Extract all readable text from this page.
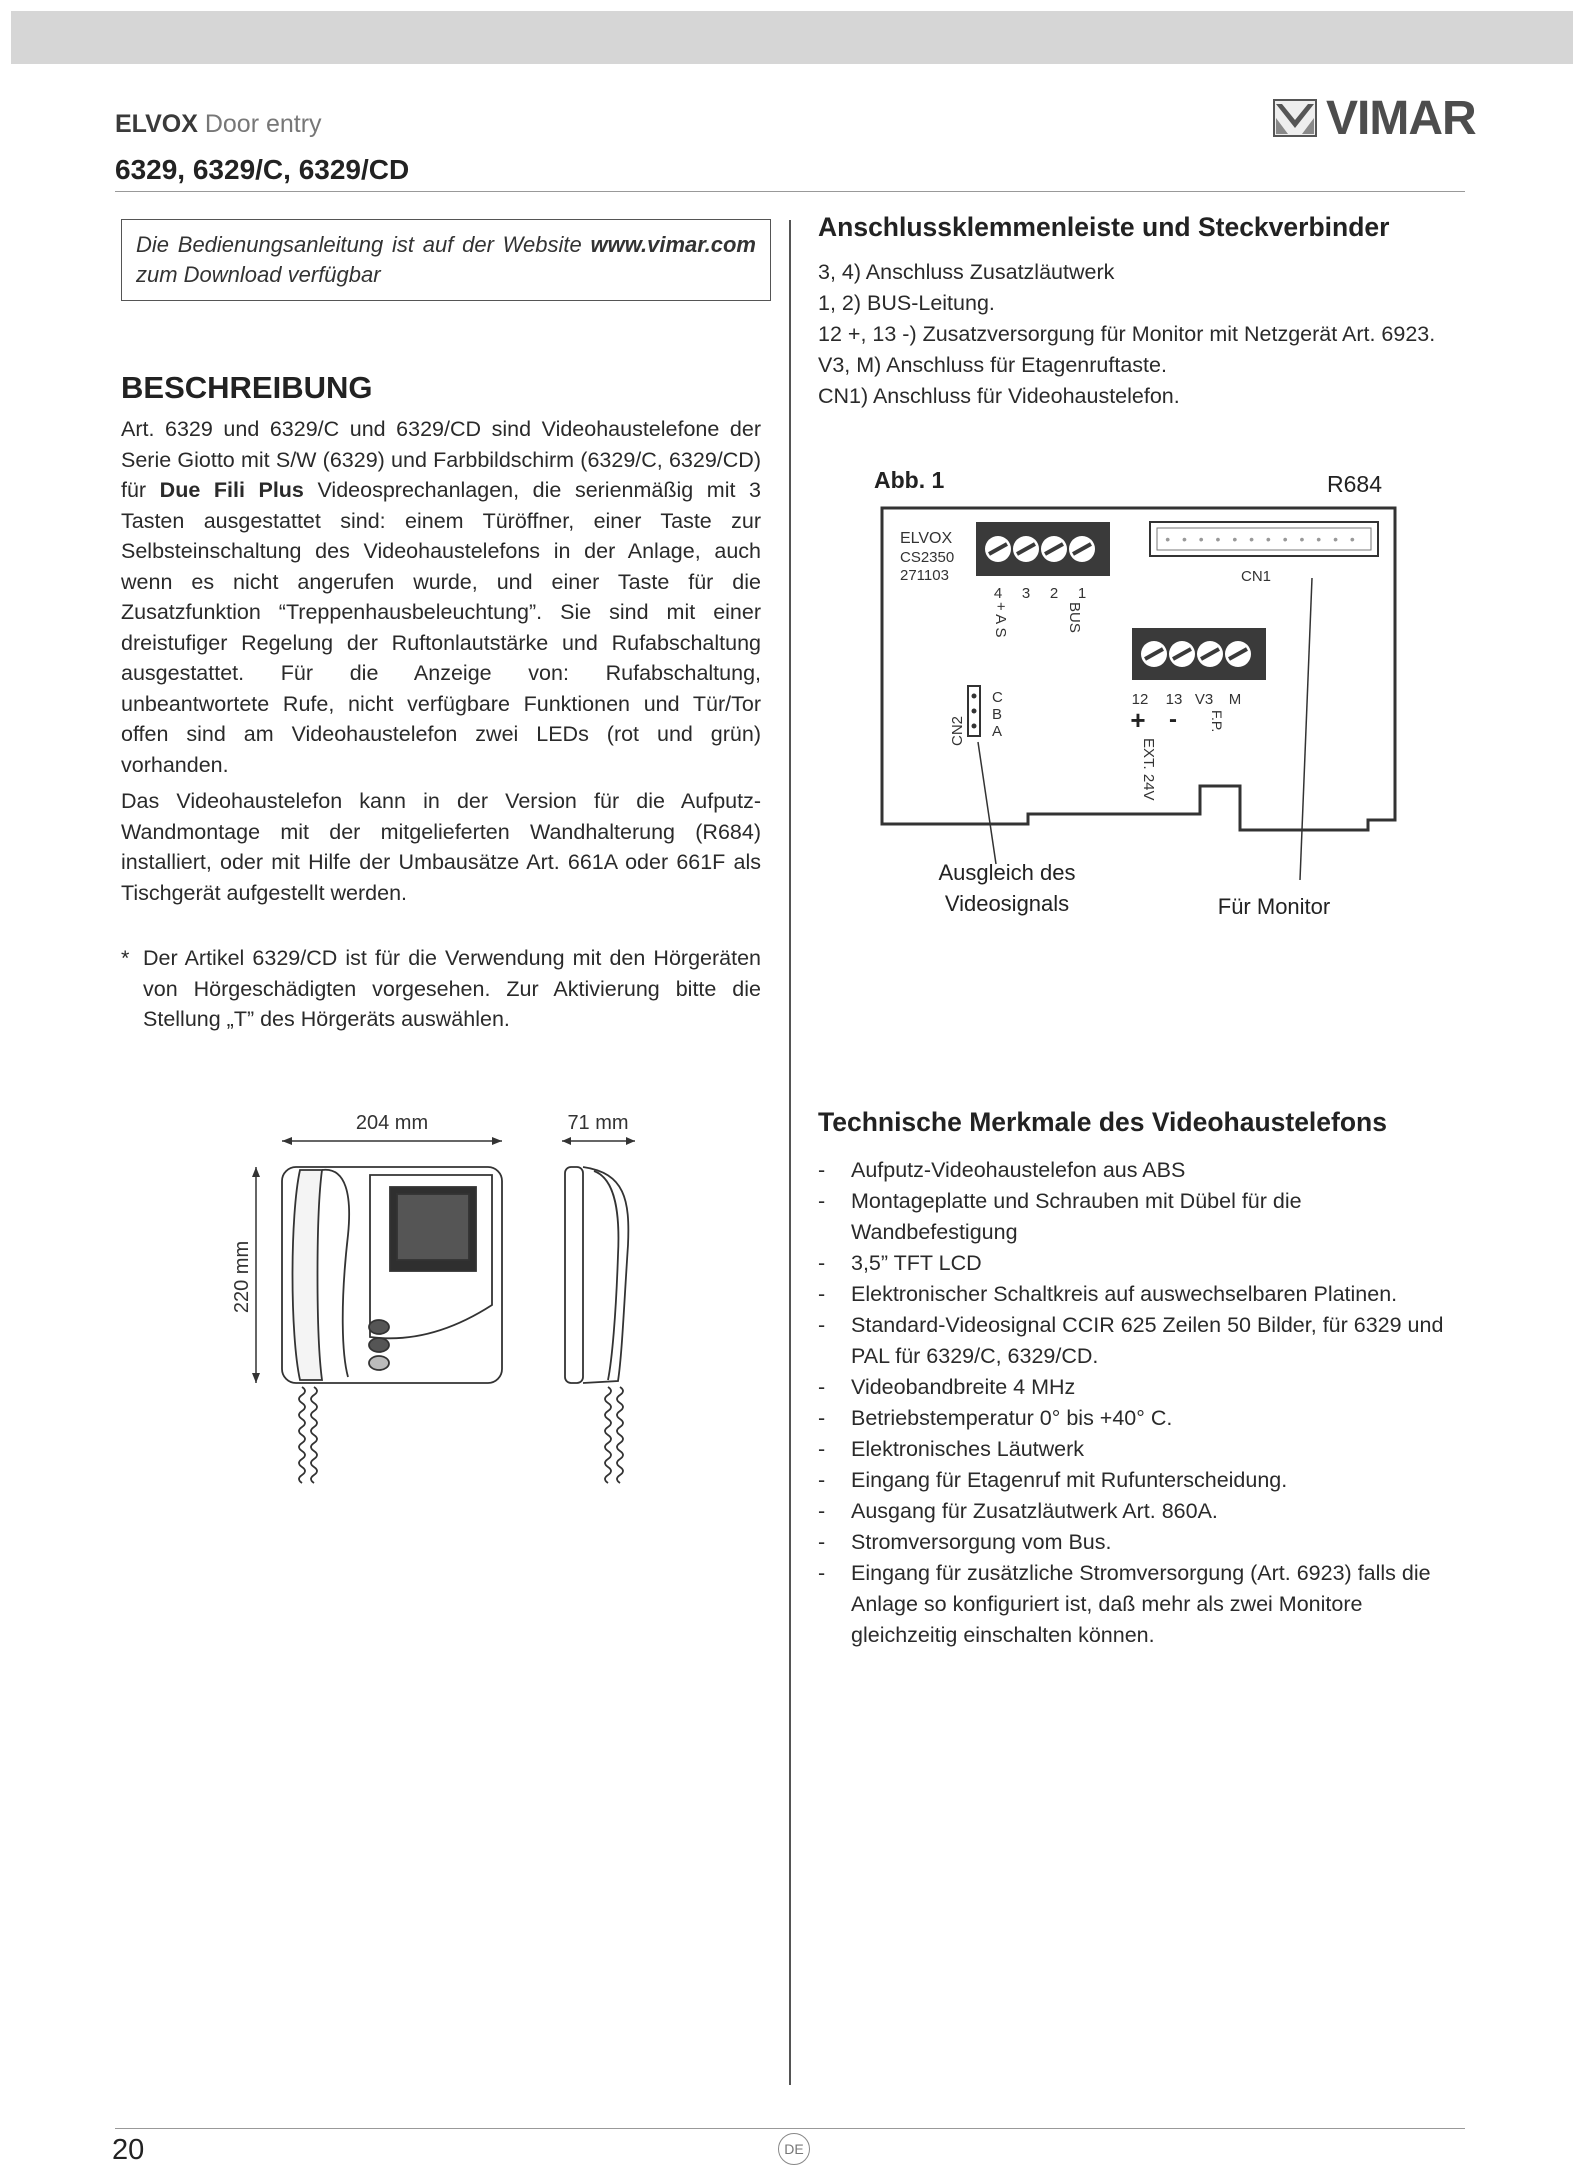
ELVOX Door entry	VIMAR
6329, 6329/C, 6329/CD

Die Bedienungsanleitung ist auf der Website www.vimar.com zum Download verfügbar

BESCHREIBUNG
Art. 6329 und 6329/C und 6329/CD sind Videohaustelefone der Serie Giotto mit S/W (6329) und Farbbildschirm (6329/C, 6329/CD) für Due Fili Plus Videosprechanlagen, die serienmäßig mit 3 Tasten ausgestattet sind: einem Türöffner, einer Taste zur Selbsteinschaltung des Videohaustelefons in der Anlage, auch wenn es nicht angerufen wurde, und einer Taste für die Zusatzfunktion “Treppenhausbeleuchtung”. Sie sind mit einer dreistufiger Regelung der Ruftonlautstärke und Rufabschaltung ausgestattet. Für die Anzeige von: Rufabschaltung, unbeantwortete Rufe, nicht verfügbare Funktionen und Tür/Tor offen sind am Videohaustelefon zwei LEDs (rot und grün) vorhanden.
Das Videohaustelefon kann in der Version für die Aufputz-Wandmontage mit der mitgelieferten Wandhalterung (R684) installiert, oder mit Hilfe der Umbausätze Art. 661A oder 661F als Tischgerät aufgestellt werden.
* Der Artikel 6329/CD ist für die Verwendung mit den Hörgeräten von Hörgeschädigten vorgesehen. Zur Aktivierung bitte die Stellung „T” des Hörgeräts auswählen.
204 mm	71 mm
220 mm
Anschlussklemmenleiste und Steckverbinder
3, 4) Anschluss Zusatzläutwerk
1, 2) BUS-Leitung.
12 +, 13 -) Zusatzversorgung für Monitor mit Netzgerät Art. 6923.
V3, M) Anschluss für Etagenruftaste.
CN1) Anschluss für Videohaustelefon.
Abb. 1	R684
ELVOX
CS2350
271103
4 3 2 1
+ A S	BUS
• • • • • • • • • • • •
CN1
12 13 V3 M
+ - F.P.
EXT. 24V
CN2
C
B
A
Ausgleich des
Videosignals	Für Monitor
Technische Merkmale des Videohaustelefons
- Aufputz-Videohaustelefon aus ABS
- Montageplatte und Schrauben mit Dübel für die Wandbefestigung
- 3,5” TFT LCD
- Elektronischer Schaltkreis auf auswechselbaren Platinen.
- Standard-Videosignal CCIR 625 Zeilen 50 Bilder, für 6329 und PAL für 6329/C, 6329/CD.
- Videobandbreite 4 MHz
- Betriebstemperatur 0° bis +40° C.
- Elektronisches Läutwerk
- Eingang für Etagenruf mit Rufunterscheidung.
- Ausgang für Zusatzläutwerk Art. 860A.
- Stromversorgung vom Bus.
- Eingang für zusätzliche Stromversorgung (Art. 6923) falls die Anlage so konfiguriert ist, daß mehr als zwei Monitore gleichzeitig einschalten können.
20	DE
